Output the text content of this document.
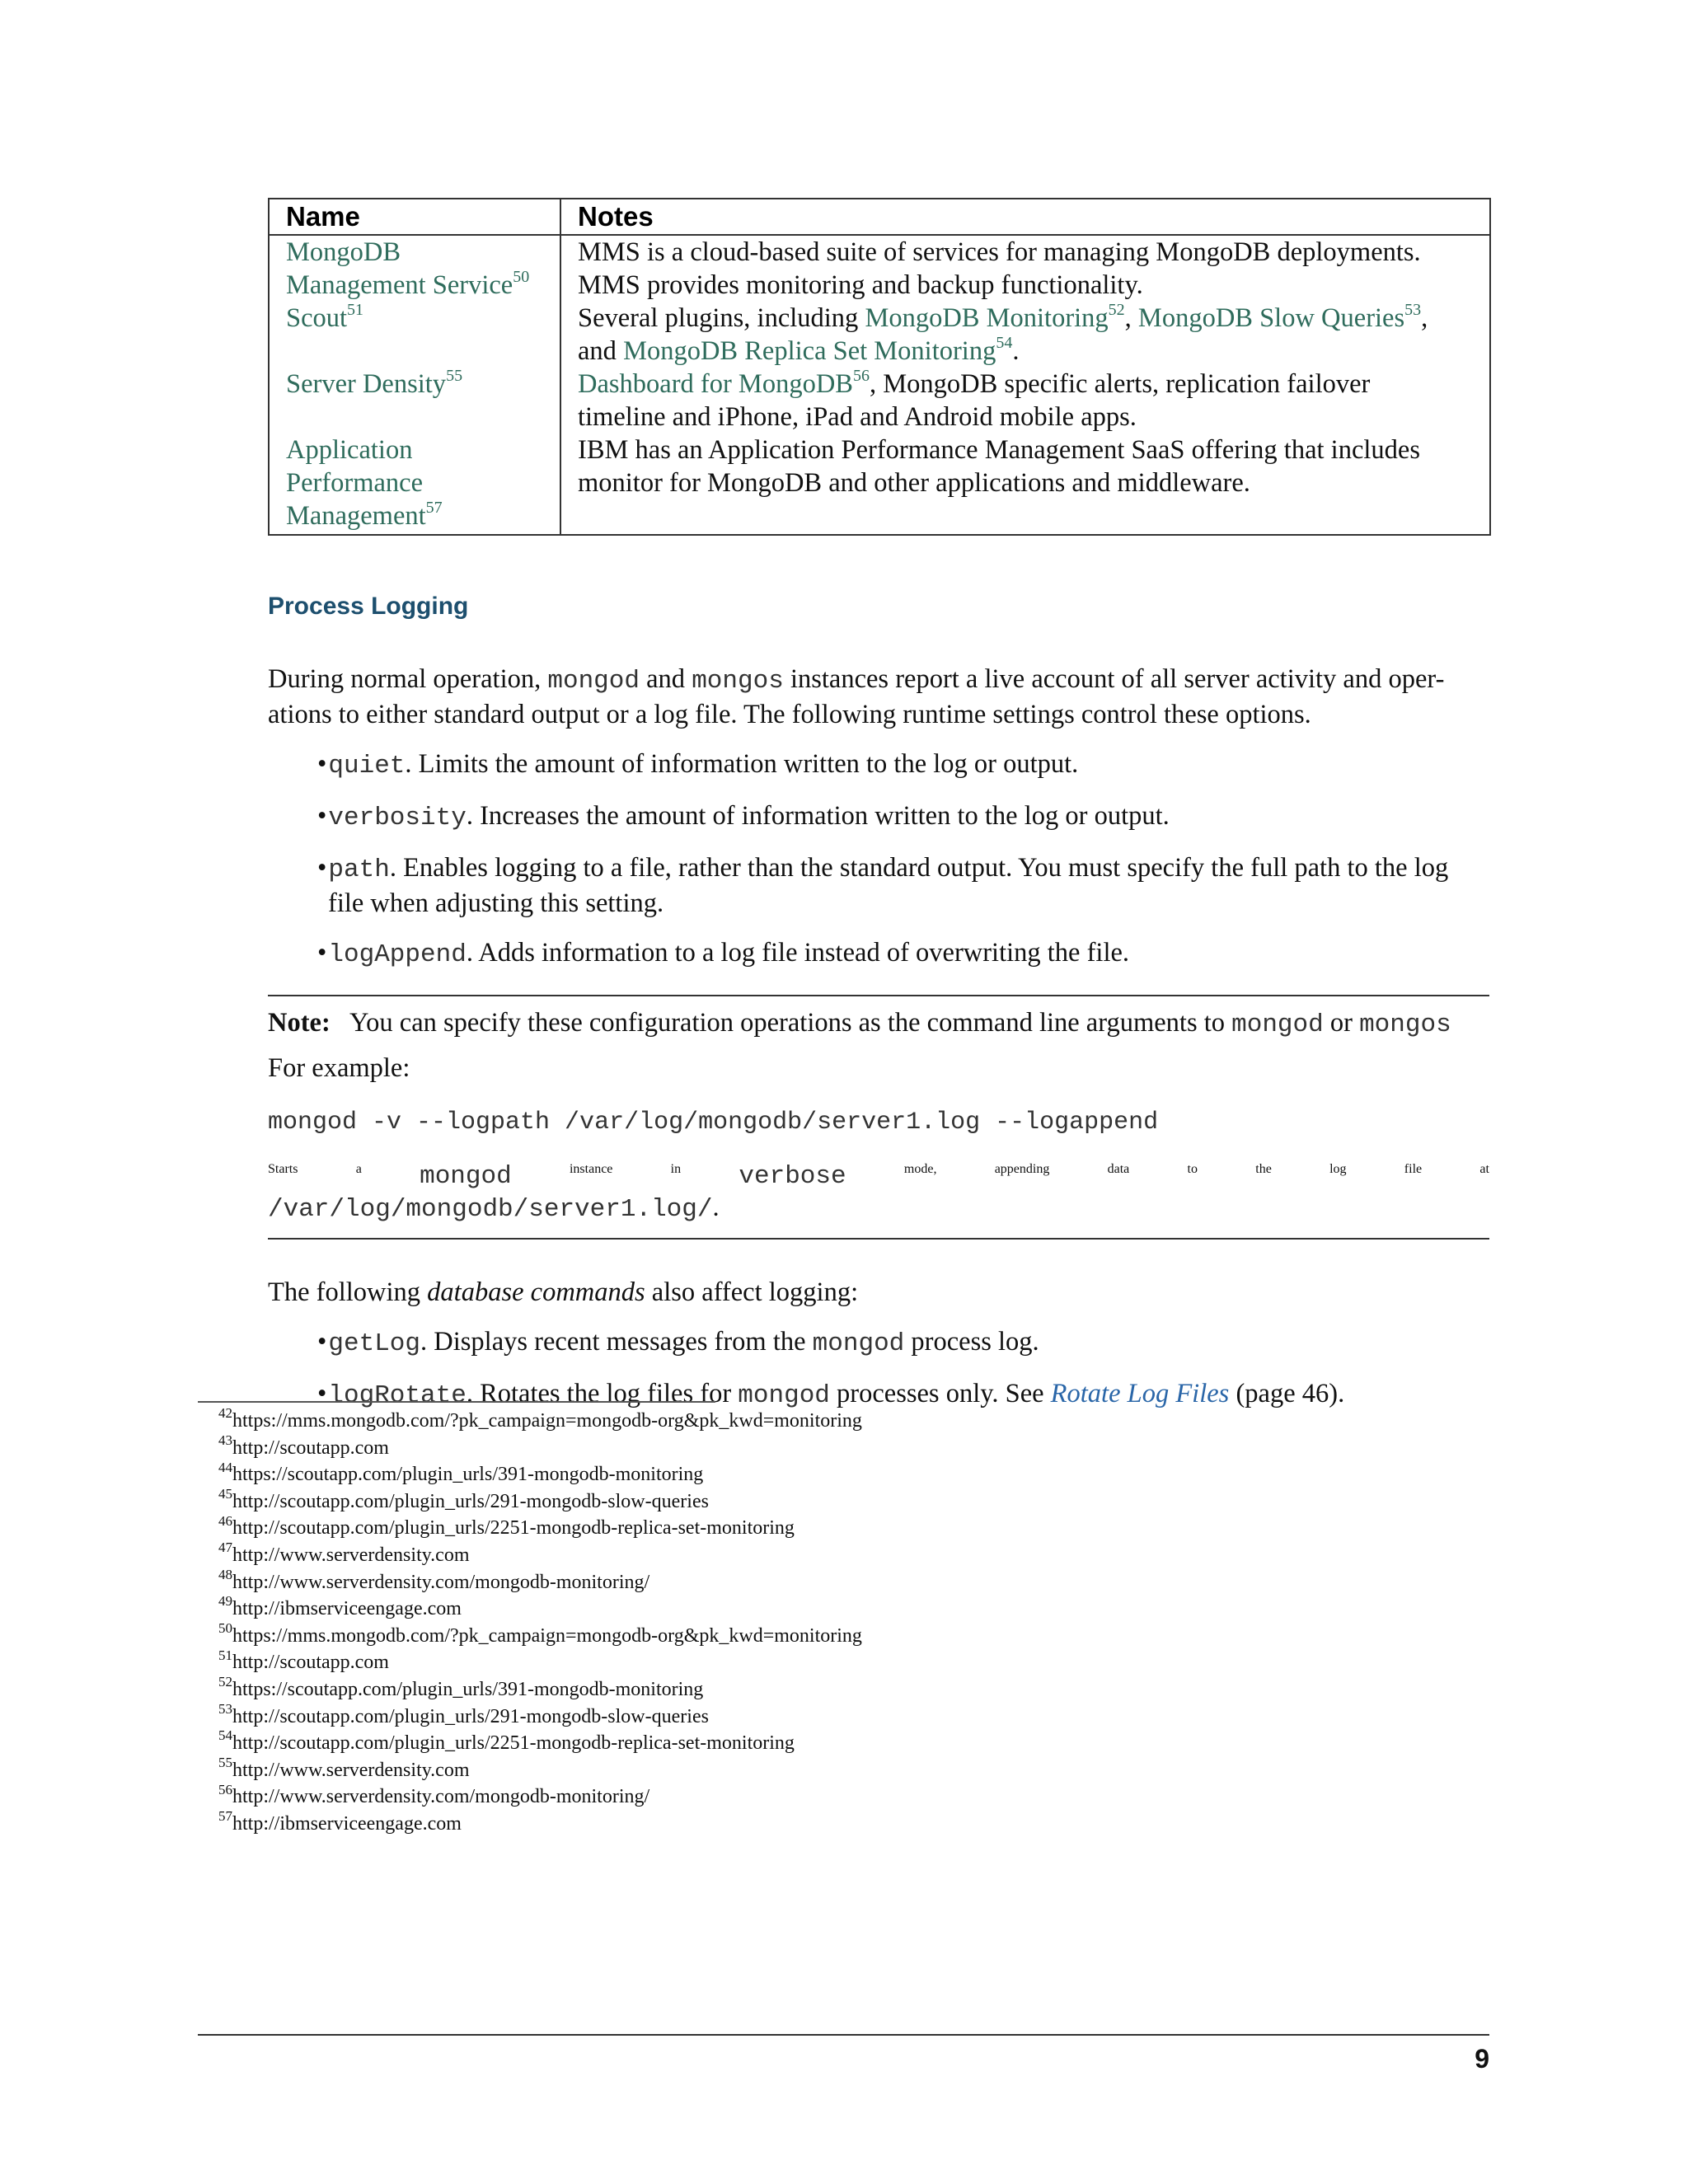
Name	Notes
MongoDB
Management Service$^{50}$	MMS is a cloud-based suite of services for managing MongoDB deployments.
MMS provides monitoring and backup functionality.
Scout$^{51}$	Several plugins, including MongoDB Monitoring$^{52}$, MongoDB Slow Queries$^{53}$,
and MongoDB Replica Set Monitoring$^{54}$.
Server Density$^{55}$	Dashboard for MongoDB$^{56}$, MongoDB specific alerts, replication failover
timeline and iPhone, iPad and Android mobile apps.
Application
Performance
Management$^{57}$	IBM has an Application Performance Management SaaS offering that includes
monitor for MongoDB and other applications and middleware.
Process Logging

During normal operation, mongod and mongos instances report a live account of all server activity and oper-
ations to either standard output or a log file. The following runtime settings control these options.

•quiet. Limits the amount of information written to the log or output.
•verbosity. Increases the amount of information written to the log or output.
•path. Enables logging to a file, rather than the standard output. You must specify the full path to the log
file when adjusting this setting.
•logAppend. Adds information to a log file instead of overwriting the file.

Note: You can specify these configuration operations as the command line arguments to mongod or mongos

For example:

mongod -v --logpath /var/log/mongodb/server1.log --logappend
Starts	a mongod	instance	in verbose	mode,	appending	data	to	the	log	file	at
/var/log/mongodb/server1.log/.

The following database commands also affect logging:

•getLog. Displays recent messages from the mongod process log.
•logRotate. Rotates the log files for mongod processes only. See Rotate Log Files (page 46).
$^{42}$https://mms.mongodb.com/?pk_campaign=mongodb-org&pk_kwd=monitoring
$^{43}$http://scoutapp.com
$^{44}$https://scoutapp.com/plugin_urls/391-mongodb-monitoring
$^{45}$http://scoutapp.com/plugin_urls/291-mongodb-slow-queries
$^{46}$http://scoutapp.com/plugin_urls/2251-mongodb-replica-set-monitoring
$^{47}$http://www.serverdensity.com
$^{48}$http://www.serverdensity.com/mongodb-monitoring/
$^{49}$http://ibmserviceengage.com
$^{50}$https://mms.mongodb.com/?pk_campaign=mongodb-org&pk_kwd=monitoring
$^{51}$http://scoutapp.com
$^{52}$https://scoutapp.com/plugin_urls/391-mongodb-monitoring
$^{53}$http://scoutapp.com/plugin_urls/291-mongodb-slow-queries
$^{54}$http://scoutapp.com/plugin_urls/2251-mongodb-replica-set-monitoring
$^{55}$http://www.serverdensity.com
$^{56}$http://www.serverdensity.com/mongodb-monitoring/
$^{57}$http://ibmserviceengage.com
9
